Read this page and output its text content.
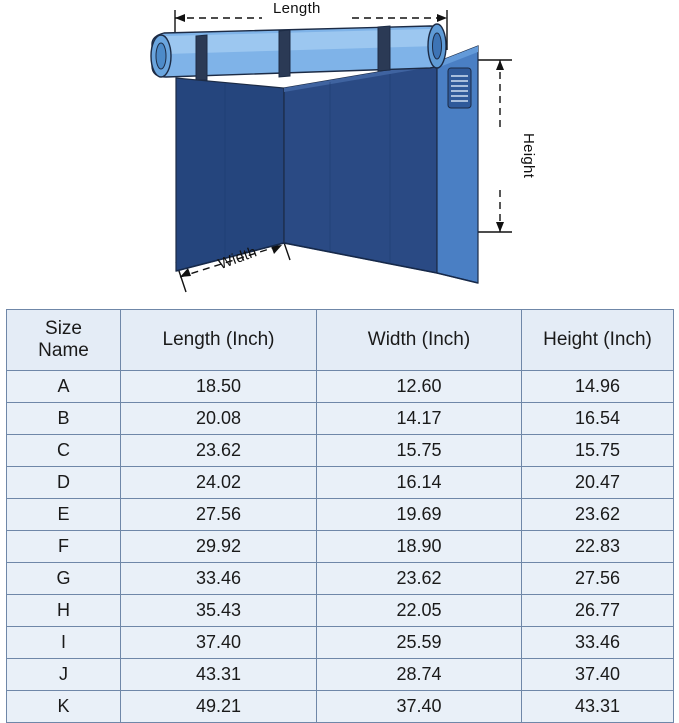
Length
Width
Height
Size
Name	Length (Inch)	Width (Inch)	Height (Inch)
A	18.50	12.60	14.96
B	20.08	14.17	16.54
C	23.62	15.75	15.75
D	24.02	16.14	20.47
E	27.56	19.69	23.62
F	29.92	18.90	22.83
G	33.46	23.62	27.56
H	35.43	22.05	26.77
I	37.40	25.59	33.46
J	43.31	28.74	37.40
K	49.21	37.40	43.31
